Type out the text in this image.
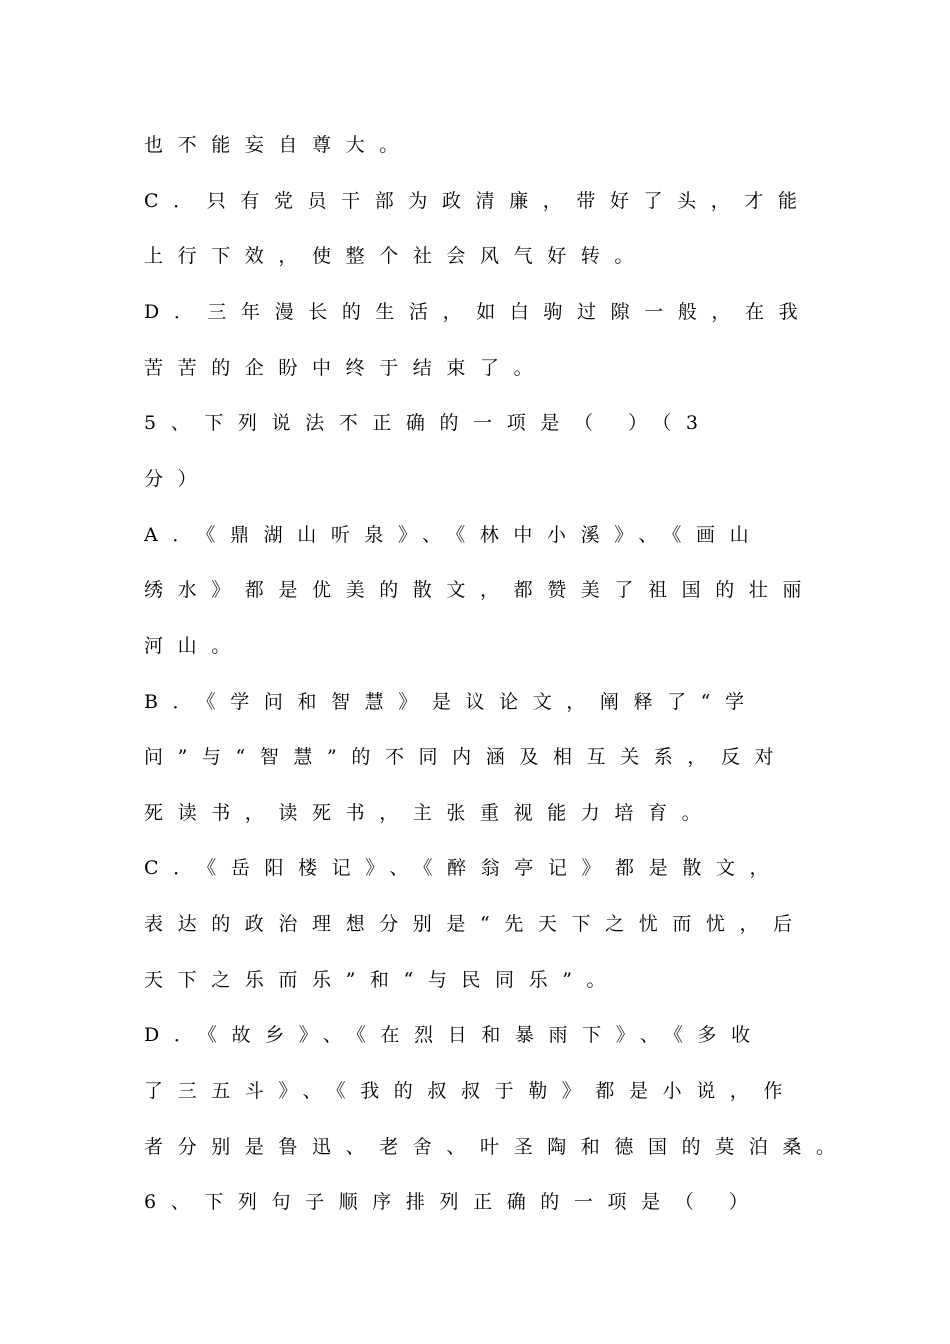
也不能妄自尊大。
C．只有党员干部为政清廉，带好了头，才能
上行下效，使整个社会风气好转。
D．三年漫长的生活，如白驹过隙一般，在我
苦苦的企盼中终于结束了。
5、下列说法不正确的一项是（ ）（3
分）
A．《鼎湖山听泉》、《林中小溪》、《画山
绣水》都是优美的散文，都赞美了祖国的壮丽
河山。
B．《学问和智慧》是议论文，阐释了“学
问”与“智慧”的不同内涵及相互关系，反对
死读书，读死书，主张重视能力培育。
C．《岳阳楼记》、《醉翁亭记》都是散文，
表达的政治理想分别是“先天下之忧而忧，后
天下之乐而乐”和“与民同乐”。
D．《故乡》、《在烈日和暴雨下》、《多收
了三五斗》、《我的叔叔于勒》都是小说，作
者分别是鲁迅、老舍、叶圣陶和德国的莫泊桑。
6、下列句子顺序排列正确的一项是（ ）
